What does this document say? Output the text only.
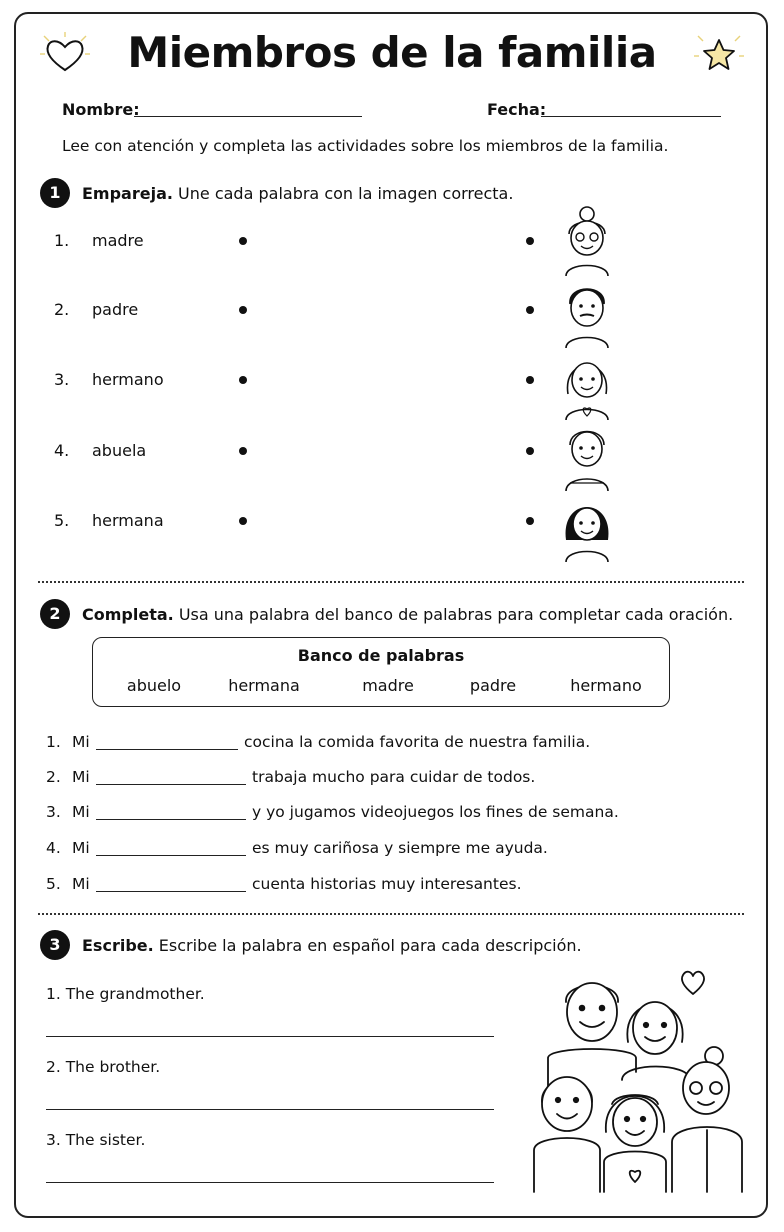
Miembros de la familia
Nombre:	Fecha:
Lee con atención y completa las actividades sobre los miembros de la familia.
1	Empareja. Une cada palabra con la imagen correcta.
1. madre
2. padre
3. hermano
4. abuela
5. hermana
2	Completa. Usa una palabra del banco de palabras para completar cada oración.
Banco de palabras
abuelo	hermana	madre	padre	hermano
1. Mi	cocina la comida favorita de nuestra familia.
2. Mi	trabaja mucho para cuidar de todos.
3. Mi	y yo jugamos videojuegos los fines de semana.
4. Mi	es muy cariñosa y siempre me ayuda.
5. Mi	cuenta historias muy interesantes.
3	Escribe. Escribe la palabra en español para cada descripción.
1. The grandmother.
2. The brother.
3. The sister.
